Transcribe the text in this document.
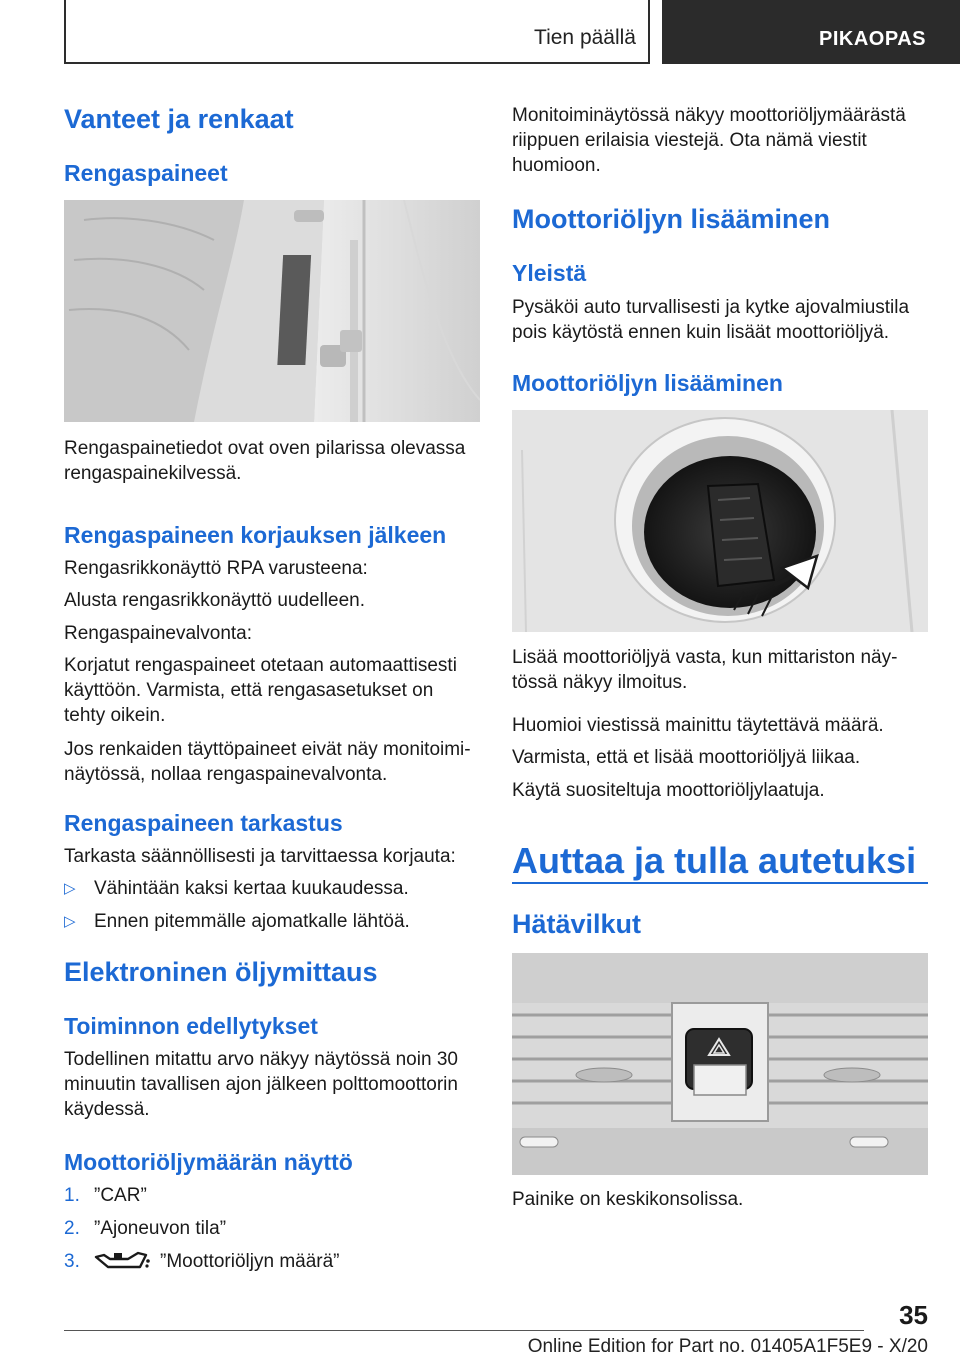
Tien päällä	PIKAOPAS
Vanteet ja renkaat
Rengaspaineet
Rengaspainetiedot ovat oven pilarissa olevassa rengaspainekilvessä.
Rengaspaineen korjauksen jälkeen
Rengasrikkonäyttö RPA varusteena:
Alusta rengasrikkonäyttö uudelleen.
Rengaspainevalvonta:
Korjatut rengaspaineet otetaan automaattisesti käyttöön. Varmista, että rengasasetukset on tehty oikein.
Jos renkaiden täyttöpaineet eivät näy monitoiminäytössä, nollaa rengaspainevalvonta.
Rengaspaineen tarkastus
Tarkasta säännöllisesti ja tarvittaessa korjauta:
▷ Vähintään kaksi kertaa kuukaudessa.
▷ Ennen pitemmälle ajomatkalle lähtöä.
Elektroninen öljymittaus
Toiminnon edellytykset
Todellinen mitattu arvo näkyy näytössä noin 30 minuutin tavallisen ajon jälkeen polttomoottorin käydessä.
Moottoriöljymäärän näyttö
1. ”CAR”
2. ”Ajoneuvon tila”
3.	”Moottoriöljyn määrä”
Monitoiminäytössä näkyy moottoriöljymäärästä riippuen erilaisia viestejä. Ota nämä viestit huomioon.
Moottoriöljyn lisääminen
Yleistä
Pysäköi auto turvallisesti ja kytke ajovalmiustila pois käytöstä ennen kuin lisäät moottoriöljyä.
Moottoriöljyn lisääminen
Lisää moottoriöljyä vasta, kun mittariston näytössä näkyy ilmoitus.
Huomioi viestissä mainittu täytettävä määrä.
Varmista, että et lisää moottoriöljyä liikaa.
Käytä suositeltuja moottoriöljylaatuja.
Auttaa ja tulla autetuksi
Hätävilkut
Painike on keskikonsolissa.
35
Online Edition for Part no. 01405A1F5E9 - X/20
